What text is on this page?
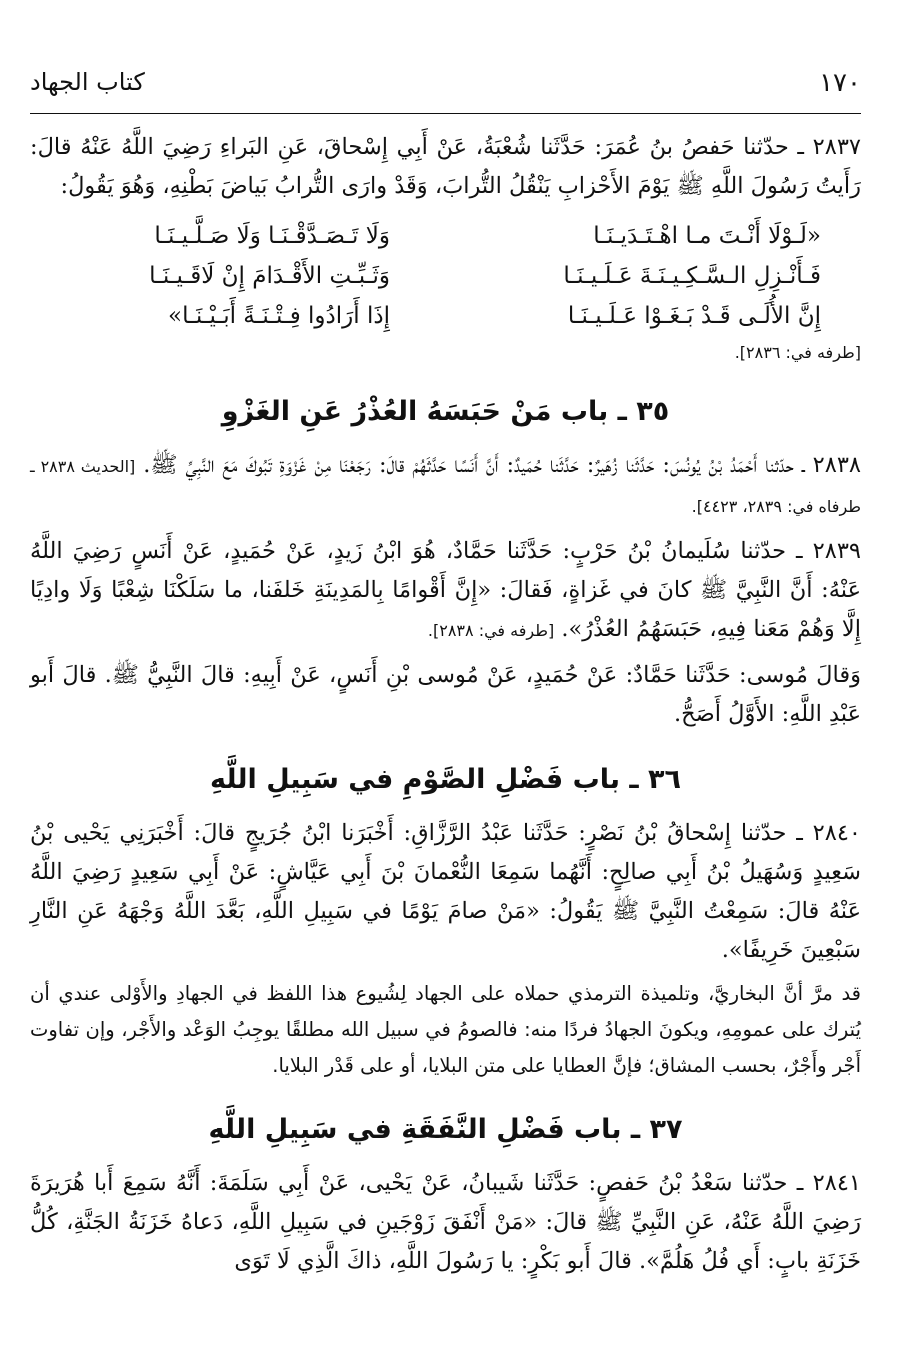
١٧٠
كتاب الجهاد

٢٨٣٧ ـ حدّثنا حَفصُ بنُ عُمَرَ: حَدَّثَنا شُعْبَةُ، عَنْ أَبِي إِسْحاقَ، عَنِ البَراءِ رَضِيَ اللَّهُ عَنْهُ قالَ: رَأَيتُ رَسُولَ اللَّهِ ﷺ يَوْمَ الأَحْزابِ يَنْقُلُ التُّرابَ، وَقَدْ وارَى التُّرابُ بَياضَ بَطْنِهِ، وَهُوَ يَقُولُ:

«لَـوْلَا أَنْـتَ مـا اهْـتَـدَيـنَـا
وَلَا تَـصَـدَّقْـنَـا وَلَا صَـلَّـيـنَـا
فَـأَنْـزِلِ الـسَّـكِـيـنَـةَ عَـلَـيـنَـا
وَثَـبِّـتِ الأَقْـدَامَ إِنْ لَاقَـيـنَـا
إِنَّ الأُلَـى قَـدْ بَـغَـوْا عَـلَـيـنَـا
إِذَا أَرَادُوا فِـتْـنَـةً أَبَـيْـنَـا»

[طرفه في: ٢٨٣٦].

٣٥ ـ باب مَنْ حَبَسَهُ العُذْرُ عَنِ الغَزْوِ

٢٨٣٨ ـ حدّثنا أَحْمَدُ بْنُ يُونُسَ: حَدَّثَنا زُهَيرٌ: حَدَّثَنا حُمَيدٌ: أَنَّ أَنَسًا حَدَّثَهُمْ قالَ: رَجَعْنَا مِنْ غَزْوَةِ تَبُوكَ مَعَ النَّبِيِّ ﷺ. [الحديث ٢٨٣٨ ـ طرفاه في: ٢٨٣٩، ٤٤٢٣].

٢٨٣٩ ـ حدّثنا سُلَيمانُ بْنُ حَرْبٍ: حَدَّثَنا حَمَّادٌ، هُوَ ابْنُ زَيدٍ، عَنْ حُمَيدٍ، عَنْ أَنَسٍ رَضِيَ اللَّهُ عَنْهُ: أَنَّ النَّبِيَّ ﷺ كانَ في غَزاةٍ، فَقالَ: «إِنَّ أَقْوامًا بِالمَدِينَةِ خَلفَنا، ما سَلَكْنَا شِعْبًا وَلَا وادِيًا إِلَّا وَهُمْ مَعَنا فِيهِ، حَبَسَهُمُ العُذْرُ». [طرفه في: ٢٨٣٨].

وَقالَ مُوسى: حَدَّثَنا حَمَّادٌ: عَنْ حُمَيدٍ، عَنْ مُوسى بْنِ أَنَسٍ، عَنْ أَبِيهِ: قالَ النَّبِيُّ ﷺ. قالَ أَبو عَبْدِ اللَّهِ: الأَوَّلُ أَصَحُّ.

٣٦ ـ باب فَضْلِ الصَّوْمِ في سَبِيلِ اللَّهِ

٢٨٤٠ ـ حدّثنا إِسْحاقُ بْنُ نَصْرٍ: حَدَّثَنا عَبْدُ الرَّزَّاقِ: أَخْبَرَنا ابْنُ جُرَيجٍ قالَ: أَخْبَرَنِي يَحْيى بْنُ سَعِيدٍ وَسُهَيلُ بْنُ أَبِي صالِحٍ: أَنَّهُما سَمِعَا النُّعْمانَ بْنَ أَبِي عَيَّاشٍ: عَنْ أَبِي سَعِيدٍ رَضِيَ اللَّهُ عَنْهُ قالَ: سَمِعْتُ النَّبِيَّ ﷺ يَقُولُ: «مَنْ صامَ يَوْمًا في سَبِيلِ اللَّهِ، بَعَّدَ اللَّهُ وَجْهَهُ عَنِ النَّارِ سَبْعِينَ خَرِيفًا».

قد مرَّ أنَّ البخاريَّ، وتلميذة الترمذي حملاه على الجهاد لِشُيوع هذا اللفظ في الجهادِ والأَوْلى عندي أن يُترك على عمومِهِ، ويكونَ الجهادُ فردًا منه: فالصومُ في سبيل الله مطلقًا يوجِبُ الوَعْد والأَجْر، وإن تفاوت أَجْر وأَجْرٌ، بحسب المشاق؛ فإنَّ العطايا على متن البلايا، أو على قَدْر البلايا.

٣٧ ـ باب فَضْلِ النَّفَقَةِ في سَبِيلِ اللَّهِ

٢٨٤١ ـ حدّثنا سَعْدُ بْنُ حَفصٍ: حَدَّثَنا شَيبانُ، عَنْ يَحْيى، عَنْ أَبِي سَلَمَةَ: أَنَّهُ سَمِعَ أَبا هُرَيرَةَ رَضِيَ اللَّهُ عَنْهُ، عَنِ النَّبِيِّ ﷺ قالَ: «مَنْ أَنْفَقَ زَوْجَينِ في سَبِيلِ اللَّهِ، دَعاهُ خَزَنَةُ الجَنَّةِ، كُلُّ خَزَنَةِ بابٍ: أَي فُلُ هَلُمَّ». قالَ أَبو بَكْرٍ: يا رَسُولَ اللَّهِ، ذاكَ الَّذِي لَا تَوَى
